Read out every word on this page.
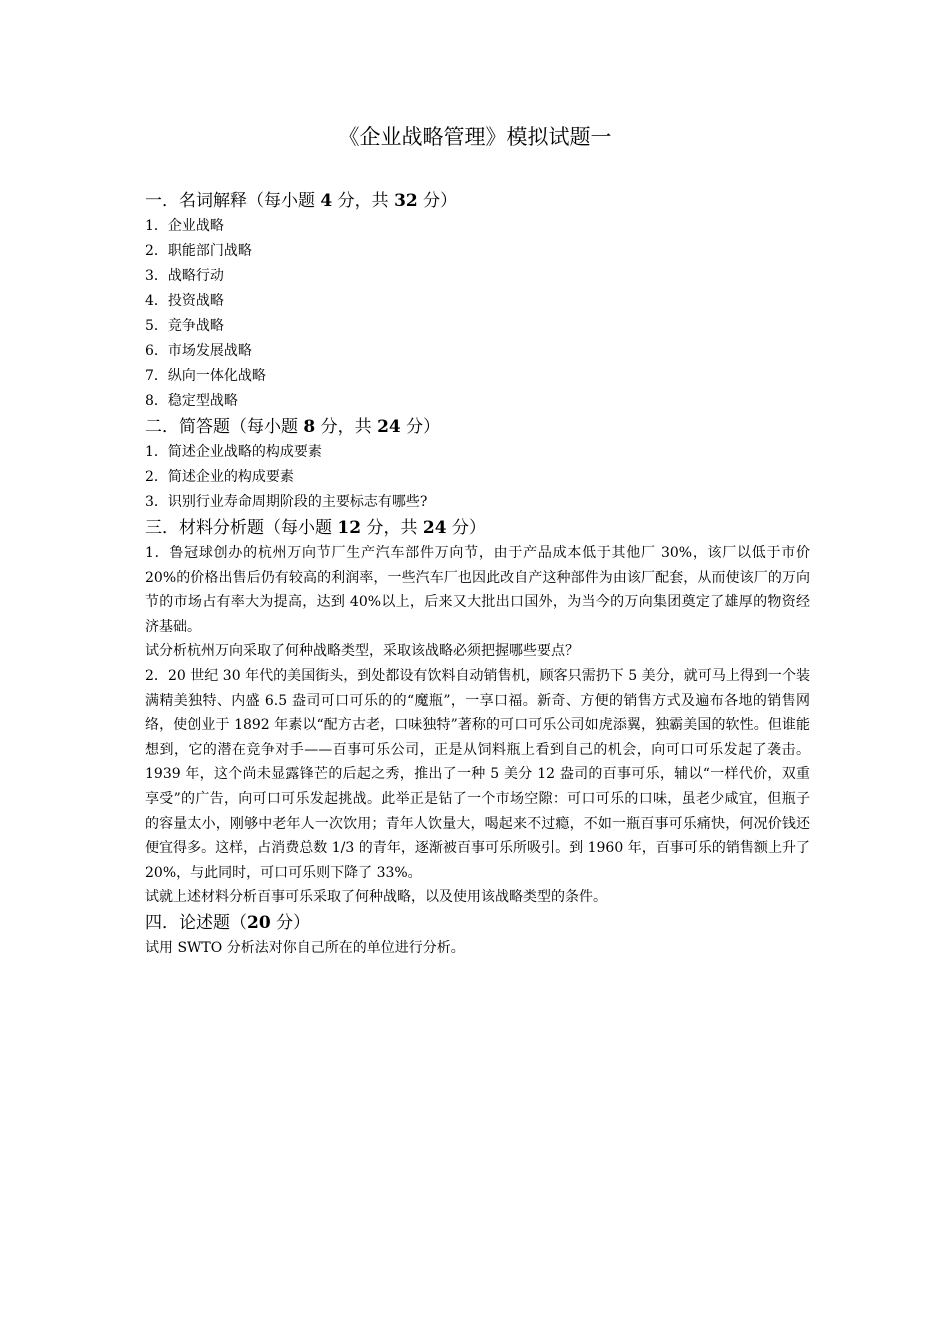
《企业战略管理》模拟试题一

一．名词解释（每小题 4 分，共 32 分）

1．企业战略

2．职能部门战略

3．战略行动

4．投资战略

5．竞争战略

6．市场发展战略

7．纵向一体化战略

8．稳定型战略

二．简答题（每小题 8 分，共 24 分）

1．简述企业战略的构成要素

2．简述企业的构成要素

3．识别行业寿命周期阶段的主要标志有哪些?

三．材料分析题（每小题 12 分，共 24 分）

1．鲁冠球创办的杭州万向节厂生产汽车部件万向节，由于产品成本低于其他厂 30%，该厂以低于市价 20%的价格出售后仍有较高的利润率，一些汽车厂也因此改自产这种部件为由该厂配套，从而使该厂的万向节的市场占有率大为提高，达到 40%以上，后来又大批出口国外，为当今的万向集团奠定了雄厚的物资经济基础。

试分析杭州万向采取了何种战略类型，采取该战略必须把握哪些要点？

2．20 世纪 30 年代的美国街头，到处都设有饮料自动销售机，顾客只需扔下 5 美分，就可马上得到一个装满精美独特、内盛 6.5 盎司可口可乐的的“魔瓶”，一享口福。新奇、方便的销售方式及遍布各地的销售网络，使创业于 1892 年素以“配方古老，口味独特”著称的可口可乐公司如虎添翼，独霸美国的软性。但谁能想到，它的潜在竞争对手——百事可乐公司，正是从饲料瓶上看到自己的机会，向可口可乐发起了袭击。1939 年，这个尚未显露锋芒的后起之秀，推出了一种 5 美分 12 盎司的百事可乐，辅以“一样代价，双重享受”的广告，向可口可乐发起挑战。此举正是钻了一个市场空隙：可口可乐的口味，虽老少咸宜，但瓶子的容量太小，刚够中老年人一次饮用；青年人饮量大，喝起来不过瘾，不如一瓶百事可乐痛快，何况价钱还便宜得多。这样，占消费总数 1/3 的青年，逐渐被百事可乐所吸引。到 1960 年，百事可乐的销售额上升了 20%，与此同时，可口可乐则下降了 33%。

试就上述材料分析百事可乐采取了何种战略，以及使用该战略类型的条件。

四．论述题（20 分）

试用 SWTO 分析法对你自己所在的单位进行分析。
